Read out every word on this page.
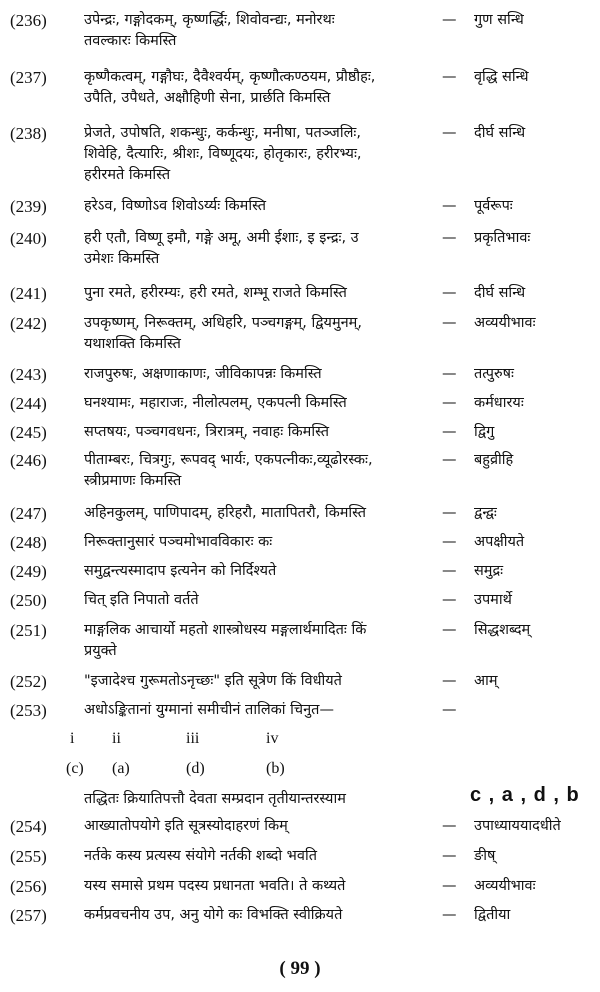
(236)	उपेन्द्रः, गङ्गोदकम्, कृष्णर्द्धिः, शिवोवन्द्यः, मनोरथः
तवल्कारः किमस्ति
—	गुण सन्धि
(237)	कृष्णैकत्वम्, गङ्गौघः, दैवैश्वर्यम्, कृष्णौत्कण्ठयम, प्रौष्ठौहः,
उपैति, उपैधते, अक्षौहिणी सेना, प्रार्छति किमस्ति
—	वृद्धि सन्धि
(238)	प्रेजते, उपोषति, शकन्धुः, कर्कन्धुः, मनीषा, पतञ्जलिः,
शिवेहि, दैत्यारिः, श्रीशः, विष्णूदयः, होतृकारः, हरीरभ्यः,
हरीरमते किमस्ति
—	दीर्घ सन्धि
(239)	हरेऽव, विष्णोऽव शिवोऽर्य्यः किमस्ति	—	पूर्वरूपः
(240)	हरी एतौ, विष्णू इमौ, गङ्गे अमू, अमी ईशाः, इ इन्द्रः, उ
उमेशः किमस्ति
—	प्रकृतिभावः
(241)	पुना रमते, हरीरम्यः, हरी रमते, शम्भू राजते किमस्ति	—	दीर्घ सन्धि
(242)	उपकृष्णम्, निरूक्तम्, अधिहरि, पञ्चगङ्गम्, द्वियमुनम्,
यथाशक्ति किमस्ति
—	अव्ययीभावः
(243)	राजपुरुषः, अक्षणाकाणः, जीविकापन्नः किमस्ति	—	तत्पुरुषः
(244)	घनश्यामः, महाराजः, नीलोत्पलम्, एकपत्नी किमस्ति	—	कर्मधारयः
(245)	सप्तषयः, पञ्चगवधनः, त्रिरात्रम्, नवाहः किमस्ति	—	द्विगु
(246)	पीताम्बरः, चित्रगुः, रूपवद् भार्यः, एकपत्नीकः,व्यूढोरस्कः,
स्त्रीप्रमाणः किमस्ति
—	बहुव्रीहि
(247)	अहिनकुलम्, पाणिपादम्, हरिहरौ, मातापितरौ, किमस्ति	—	द्वन्द्वः
(248)	निरूक्तानुसारं पञ्चमोभावविकारः कः	—	अपक्षीयते
(249)	समुद्वन्त्यस्मादाप इत्यनेन को निर्दिश्यते	—	समुद्रः
(250)	चित् इति निपातो वर्तते	—	उपमार्थे
(251)	माङ्गलिक आचार्यो महतो शास्त्रोधस्य मङ्गलार्थमादितः किं
प्रयुक्ते
—	सिद्धशब्दम्
(252)	"इजादेश्च गुरूमतोऽनृच्छः" इति सूत्रेण किं विधीयते	—	आम्
(253)	अधोऽङ्कितानां युग्मानां समीचीनं तालिकां चिनुत—	—
(254)	आख्यातोपयोगे इति सूत्रस्योदाहरणं किम्	—	उपाध्याययादधीते
(255)	नर्तके कस्य प्रत्यस्य संयोगे नर्तकी शब्दो भवति	—	ङीष्
(256)	यस्य समासे प्रथम पदस्य प्रधानता भवति। ते कथ्यते	—	अव्ययीभावः
(257)	कर्मप्रवचनीय उप, अनु योगे कः विभक्ति स्वीक्रियते	—	द्वितीया
i ii	iii	iv
(c) (a)	(d)	(b)
तद्धितः क्रियातिपत्तौ देवता सम्प्रदान तृतीयान्तरस्याम	c , a , d , b
( 99 )
